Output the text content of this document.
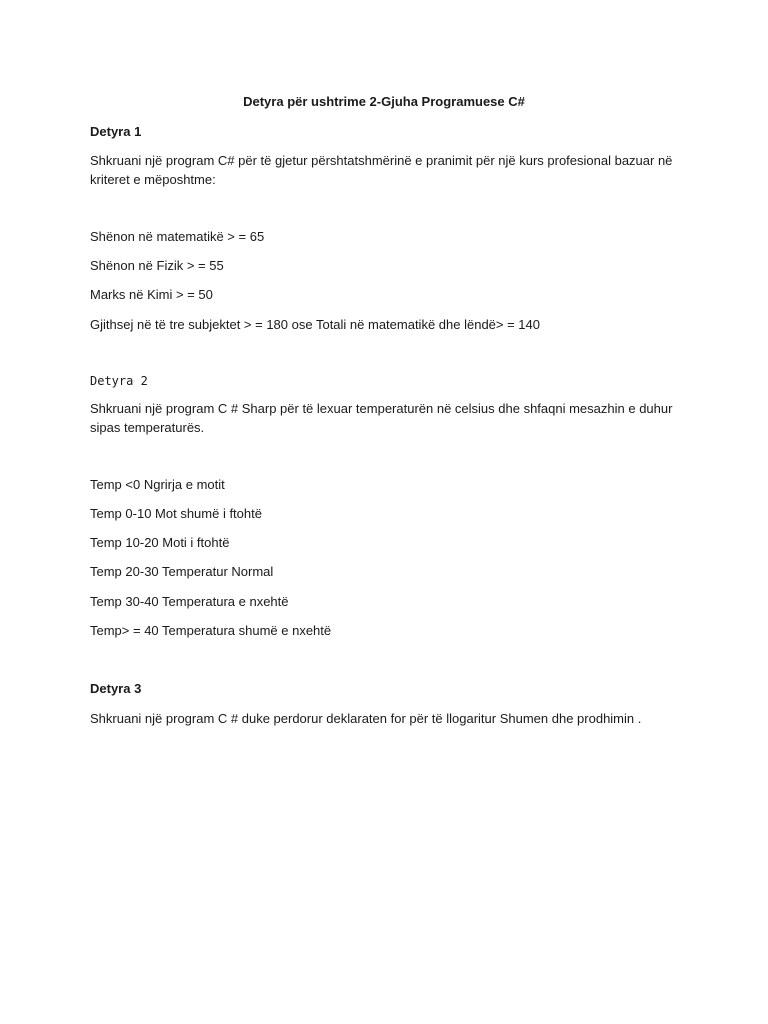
Detyra për ushtrime 2-Gjuha Programuese C#

Detyra 1

Shkruani një program C# për të gjetur përshtatshmërinë e pranimit për një kurs profesional bazuar në kriteret e mëposhtme:

Shënon në matematikë > = 65

Shënon në Fizik > = 55

Marks në Kimi > = 50

Gjithsej në të tre subjektet > = 180 ose Totali në matematikë dhe lëndë> = 140

Detyra 2

Shkruani një program C # Sharp për të lexuar temperaturën në celsius dhe shfaqni mesazhin e duhur sipas temperaturës.

Temp <0 Ngrirja e motit

Temp 0-10 Mot shumë i ftohtë

Temp 10-20 Moti i ftohtë

Temp 20-30 Temperatur Normal

Temp 30-40 Temperatura e nxehtë

Temp> = 40 Temperatura shumë e nxehtë

Detyra 3

Shkruani një program C # duke perdorur deklaraten for për të llogaritur Shumen dhe prodhimin .
